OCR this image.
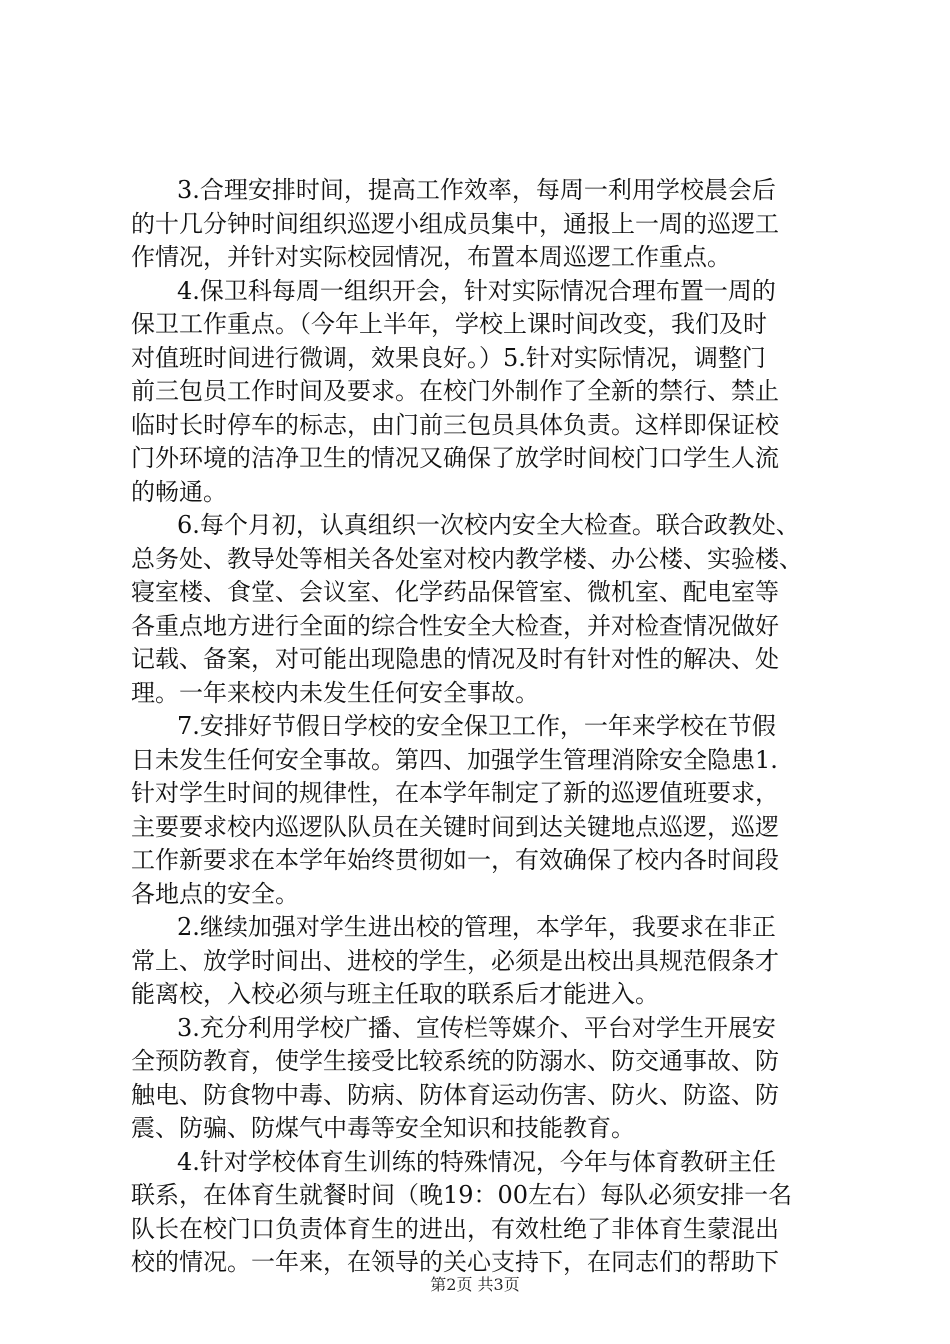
3.合理安排时间，提高工作效率，每周一利用学校晨会后
的十几分钟时间组织巡逻小组成员集中，通报上一周的巡逻工
作情况，并针对实际校园情况，布置本周巡逻工作重点。
4.保卫科每周一组织开会，针对实际情况合理布置一周的
保卫工作重点。（今年上半年，学校上课时间改变，我们及时
对值班时间进行微调，效果良好。）5.针对实际情况，调整门
前三包员工作时间及要求。在校门外制作了全新的禁行、禁止
临时长时停车的标志，由门前三包员具体负责。这样即保证校
门外环境的洁净卫生的情况又确保了放学时间校门口学生人流
的畅通。
6.每个月初，认真组织一次校内安全大检查。联合政教处、
总务处、教导处等相关各处室对校内教学楼、办公楼、实验楼、
寝室楼、食堂、会议室、化学药品保管室、微机室、配电室等
各重点地方进行全面的综合性安全大检查，并对检查情况做好
记载、备案，对可能出现隐患的情况及时有针对性的解决、处
理。一年来校内未发生任何安全事故。
7.安排好节假日学校的安全保卫工作，一年来学校在节假
日未发生任何安全事故。第四、加强学生管理消除安全隐患1.
针对学生时间的规律性，在本学年制定了新的巡逻值班要求，
主要要求校内巡逻队队员在关键时间到达关键地点巡逻，巡逻
工作新要求在本学年始终贯彻如一，有效确保了校内各时间段
各地点的安全。
2.继续加强对学生进出校的管理，本学年，我要求在非正
常上、放学时间出、进校的学生，必须是出校出具规范假条才
能离校，入校必须与班主任取的联系后才能进入。
3.充分利用学校广播、宣传栏等媒介、平台对学生开展安
全预防教育，使学生接受比较系统的防溺水、防交通事故、防
触电、防食物中毒、防病、防体育运动伤害、防火、防盗、防
震、防骗、防煤气中毒等安全知识和技能教育。
4.针对学校体育生训练的特殊情况，今年与体育教研主任
联系，在体育生就餐时间（晚19：00左右）每队必须安排一名
队长在校门口负责体育生的进出，有效杜绝了非体育生蒙混出
校的情况。一年来，在领导的关心支持下，在同志们的帮助下
第2页 共3页
